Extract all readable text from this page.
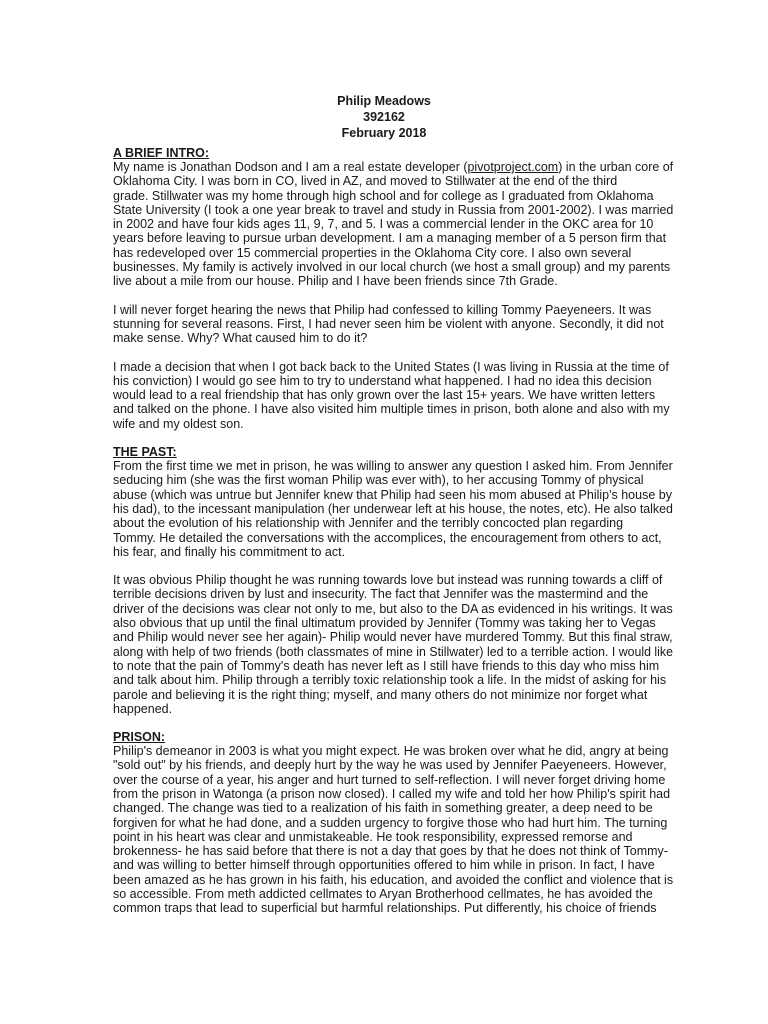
Philip Meadows
392162
February 2018
A BRIEF INTRO:
My name is Jonathan Dodson and I am a real estate developer (pivotproject.com) in the urban core of
Oklahoma City. I was born in CO, lived in AZ, and moved to Stillwater at the end of the third
grade. Stillwater was my home through high school and for college as I graduated from Oklahoma
State University (I took a one year break to travel and study in Russia from 2001-2002). I was married
in 2002 and have four kids ages 11, 9, 7, and 5. I was a commercial lender in the OKC area for 10
years before leaving to pursue urban development. I am a managing member of a 5 person firm that
has redeveloped over 15 commercial properties in the Oklahoma City core. I also own several
businesses. My family is actively involved in our local church (we host a small group) and my parents
live about a mile from our house. Philip and I have been friends since 7th Grade.
I will never forget hearing the news that Philip had confessed to killing Tommy Paeyeneers. It was
stunning for several reasons. First, I had never seen him be violent with anyone. Secondly, it did not
make sense. Why? What caused him to do it?
I made a decision that when I got back back to the United States (I was living in Russia at the time of
his conviction) I would go see him to try to understand what happened. I had no idea this decision
would lead to a real friendship that has only grown over the last 15+ years. We have written letters
and talked on the phone. I have also visited him multiple times in prison, both alone and also with my
wife and my oldest son.
THE PAST:
From the first time we met in prison, he was willing to answer any question I asked him. From Jennifer
seducing him (she was the first woman Philip was ever with), to her accusing Tommy of physical
abuse (which was untrue but Jennifer knew that Philip had seen his mom abused at Philip's house by
his dad), to the incessant manipulation (her underwear left at his house, the notes, etc). He also talked
about the evolution of his relationship with Jennifer and the terribly concocted plan regarding
Tommy. He detailed the conversations with the accomplices, the encouragement from others to act,
his fear, and finally his commitment to act.
It was obvious Philip thought he was running towards love but instead was running towards a cliff of
terrible decisions driven by lust and insecurity. The fact that Jennifer was the mastermind and the
driver of the decisions was clear not only to me, but also to the DA as evidenced in his writings. It was
also obvious that up until the final ultimatum provided by Jennifer (Tommy was taking her to Vegas
and Philip would never see her again)- Philip would never have murdered Tommy. But this final straw,
along with help of two friends (both classmates of mine in Stillwater) led to a terrible action. I would like
to note that the pain of Tommy's death has never left as I still have friends to this day who miss him
and talk about him. Philip through a terribly toxic relationship took a life. In the midst of asking for his
parole and believing it is the right thing; myself, and many others do not minimize nor forget what
happened.
PRISON:
Philip's demeanor in 2003 is what you might expect. He was broken over what he did, angry at being
"sold out" by his friends, and deeply hurt by the way he was used by Jennifer Paeyeneers. However,
over the course of a year, his anger and hurt turned to self-reflection. I will never forget driving home
from the prison in Watonga (a prison now closed). I called my wife and told her how Philip's spirit had
changed. The change was tied to a realization of his faith in something greater, a deep need to be
forgiven for what he had done, and a sudden urgency to forgive those who had hurt him. The turning
point in his heart was clear and unmistakeable. He took responsibility, expressed remorse and
brokenness- he has said before that there is not a day that goes by that he does not think of Tommy-
and was willing to better himself through opportunities offered to him while in prison. In fact, I have
been amazed as he has grown in his faith, his education, and avoided the conflict and violence that is
so accessible. From meth addicted cellmates to Aryan Brotherhood cellmates, he has avoided the
common traps that lead to superficial but harmful relationships. Put differently, his choice of friends
